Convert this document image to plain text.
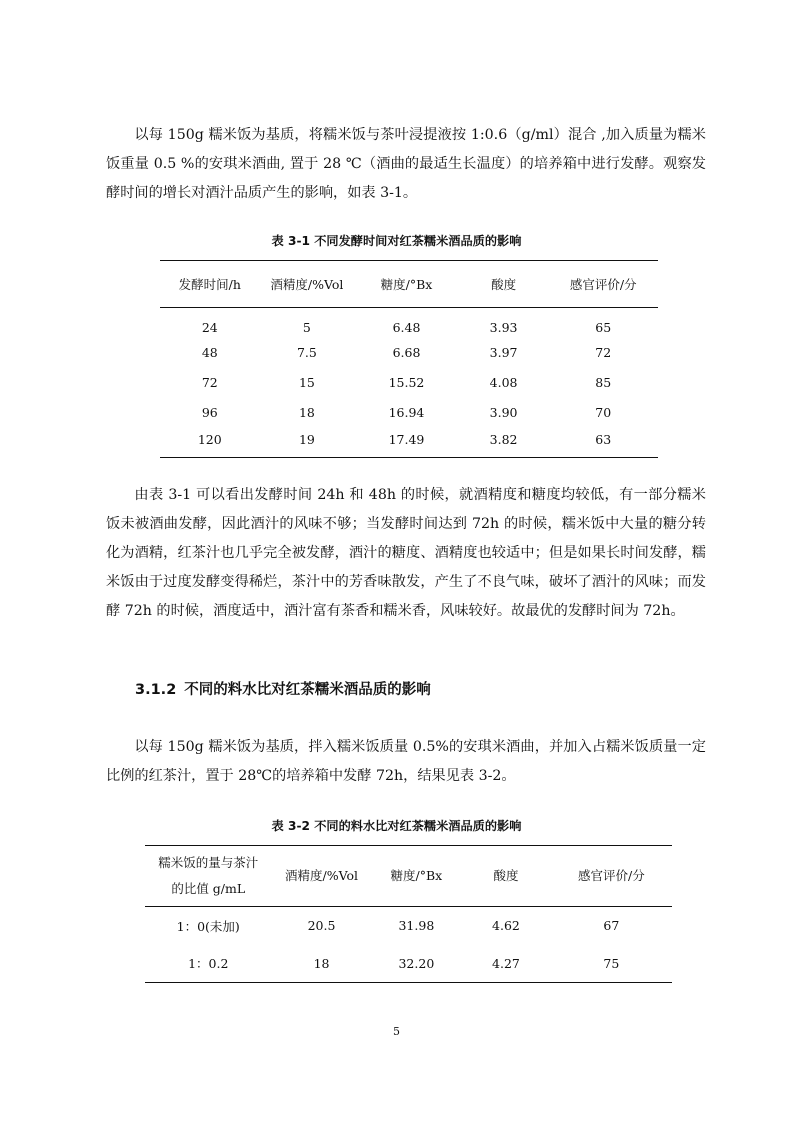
以每 150g 糯米饭为基质，将糯米饭与茶叶浸提液按 1:0.6（g/ml）混合 ,加入质量为糯米饭重量 0.5 %的安琪米酒曲, 置于 28 ℃（酒曲的最适生长温度）的培养箱中进行发酵。观察发酵时间的增长对酒汁品质产生的影响，如表 3-1。

表 3-1 不同发酵时间对红茶糯米酒品质的影响

发酵时间/h	酒精度/%Vol	糖度/°Bx	酸度	感官评价/分
24	5	6.48	3.93	65
48	7.5	6.68	3.97	72
72	15	15.52	4.08	85
96	18	16.94	3.90	70
120	19	17.49	3.82	63

由表 3-1 可以看出发酵时间 24h 和 48h 的时候，就酒精度和糖度均较低，有一部分糯米饭未被酒曲发酵，因此酒汁的风味不够；当发酵时间达到 72h 的时候，糯米饭中大量的糖分转化为酒精，红茶汁也几乎完全被发酵，酒汁的糖度、酒精度也较适中；但是如果长时间发酵，糯米饭由于过度发酵变得稀烂，茶汁中的芳香味散发，产生了不良气味，破坏了酒汁的风味；而发酵 72h 的时候，酒度适中，酒汁富有茶香和糯米香，风味较好。故最优的发酵时间为 72h。

3.1.2 不同的料水比对红茶糯米酒品质的影响

以每 150g 糯米饭为基质，拌入糯米饭质量 0.5%的安琪米酒曲，并加入占糯米饭质量一定比例的红茶汁，置于 28℃的培养箱中发酵 72h，结果见表 3-2。

表 3-2 不同的料水比对红茶糯米酒品质的影响

糯米饭的量与茶汁
的比值 g/mL	酒精度/%Vol	糖度/°Bx	酸度	感官评价/分
1：0(未加)	20.5	31.98	4.62	67
1：0.2	18	32.20	4.27	75

5
